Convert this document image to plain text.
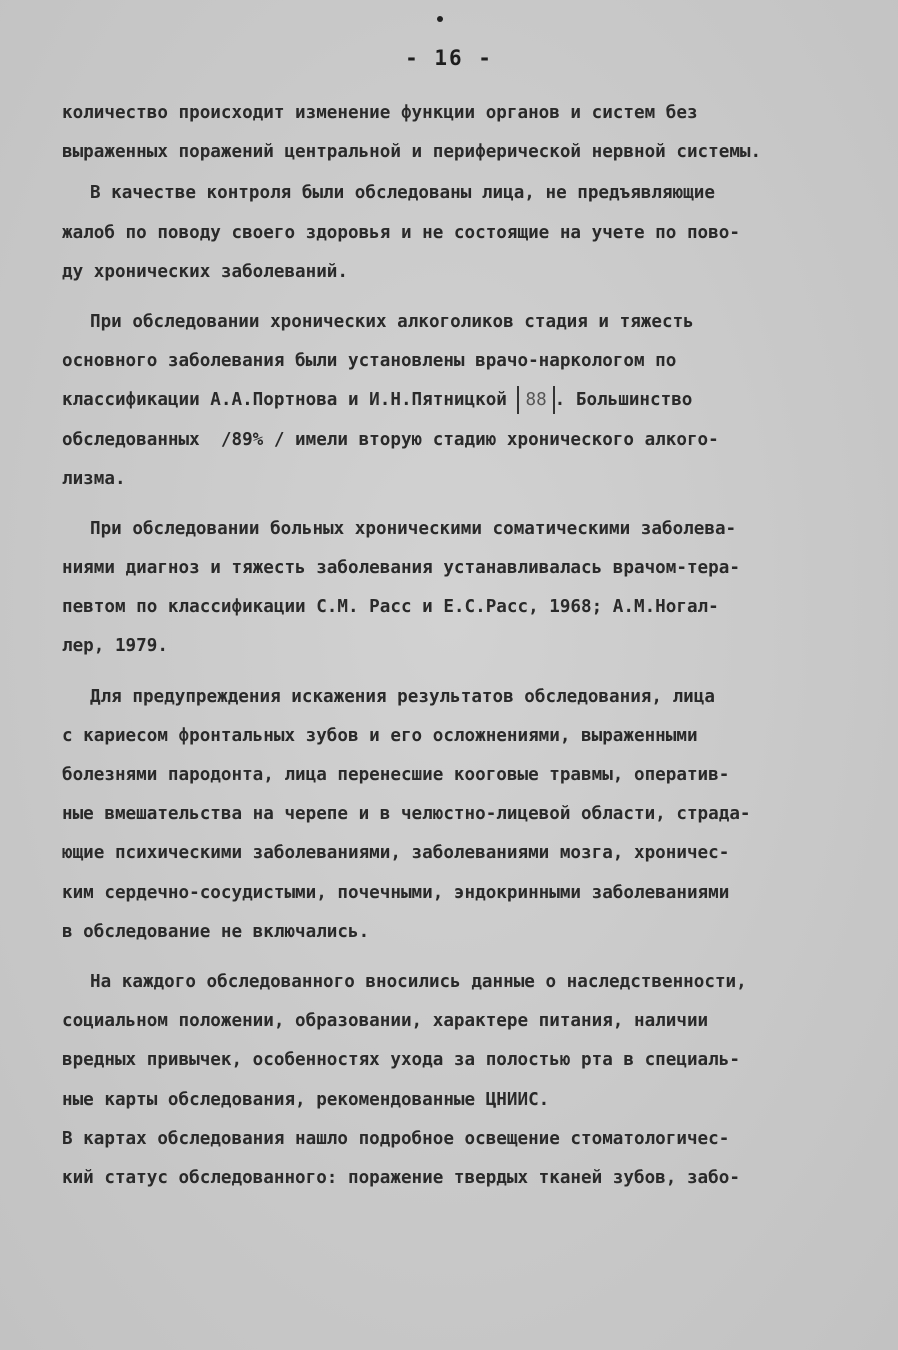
- 16 -
количество происходит изменение функции органов и систем без
выраженных поражений центральной и периферической нервной системы.
В качестве контроля были обследованы лица, не предъявляющие
жалоб по поводу своего здоровья и не состоящие на учете по пово-
ду хронических заболеваний.
При обследовании хронических алкоголиков стадия и тяжесть
основного заболевания были установлены врачо-наркологом по
классификации А.А.Портнова и И.Н.Пятницкой 88 . Большинство
обследованных  /89% / имели вторую стадию хронического алкого-
лизма.
При обследовании больных хроническими соматическими заболева-
ниями диагноз и тяжесть заболевания устанавливалась врачом-тера-
певтом по классификации С.М. Расс и Е.С.Расс, 1968; А.М.Ногал-
лер, 1979.
Для предупреждения искажения результатов обследования, лица
с кариесом фронтальных зубов и его осложнениями, выраженными
болезнями пародонта, лица перенесшие кооговые травмы, оператив-
ные вмешательства на черепе и в челюстно-лицевой области, страда-
ющие психическими заболеваниями, заболеваниями мозга, хроничес-
ким сердечно-сосудистыми, почечными, эндокринными заболеваниями
в обследование не включались.
На каждого обследованного вносились данные о наследственности,
социальном положении, образовании, характере питания, наличии
вредных привычек, особенностях ухода за полостью рта в специаль-
ные карты обследования, рекомендованные ЦНИИС.
В картах обследования нашло подробное освещение стоматологичес-
кий статус обследованного: поражение твердых тканей зубов, забо-
